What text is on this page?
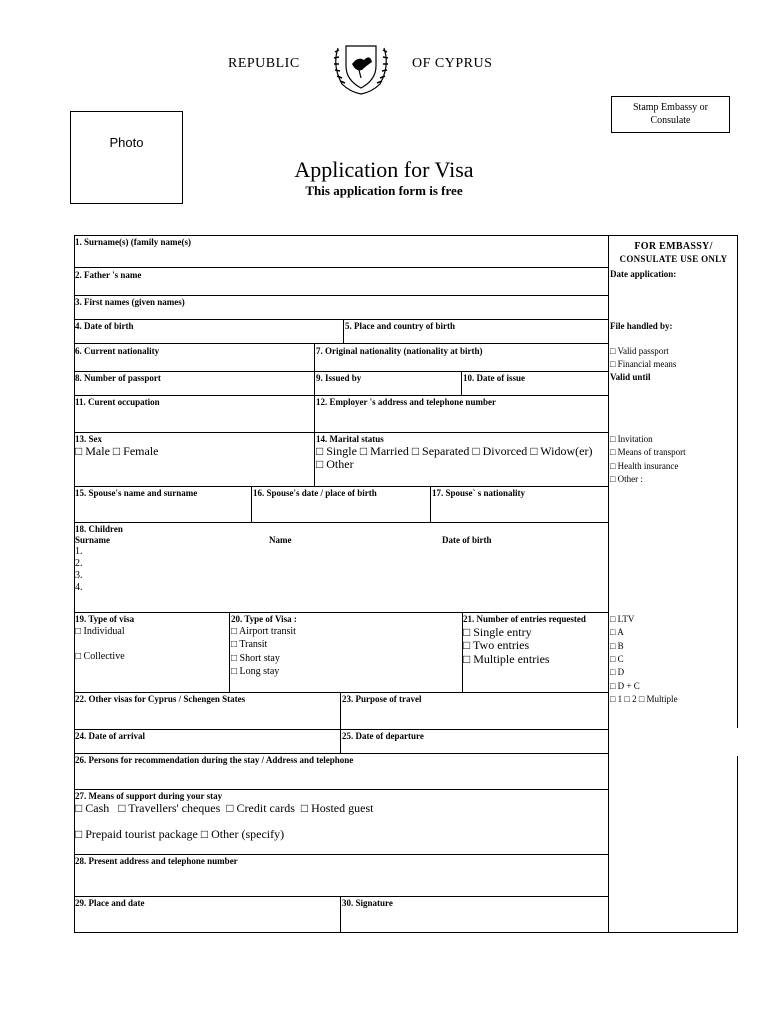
REPUBLIC	OF CYPRUS
Stamp Embassy or
Consulate
Photo
Application for Visa
This application form is free
1. Surname(s) (family name(s)
2. Father 's name
3. First names (given names)
4. Date of birth	5. Place and country of birth
6. Current nationality	7. Original nationality (nationality at birth)
8. Number of passport	9. Issued by	10. Date of issue
11. Curent occupation	12. Employer 's address and telephone number
13. Sex
□ Male □ Female
14. Marital status
□ Single □ Married □ Separated □ Divorced □ Widow(er)
□ Other
15. Spouse's name and surname	16. Spouse's date / place of birth	17. Spouse` s nationality
18. Children
Surname	Name	Date of birth
1.
2.
3.
4.
19. Type of visa
□ Individual
□ Collective
20. Type of Visa :
□ Airport transit
□ Transit
□ Short stay
□ Long stay
21. Number of entries requested
□ Single entry
□ Two entries
□ Multiple entries
22. Other visas for Cyprus / Schengen States	23. Purpose of travel
24. Date of arrival	25. Date of departure
26. Persons for recommendation during the stay / Address and telephone
27. Means of support during your stay
□ Cash   □ Travellers' cheques  □ Credit cards  □ Hosted guest
□ Prepaid tourist package □ Other (specify)
28. Present address and telephone number
29. Place and date	30. Signature
FOR EMBASSY/
CONSULATE USE ONLY
Date application:
File handled by:
□ Valid passport
□ Financial means
Valid until
□ Invitation
□ Means of transport
□ Health insurance
□ Other :
□ LTV
□ A
□ B
□ C
□ D
□ D + C
□ 1 □ 2 □ Multiple
